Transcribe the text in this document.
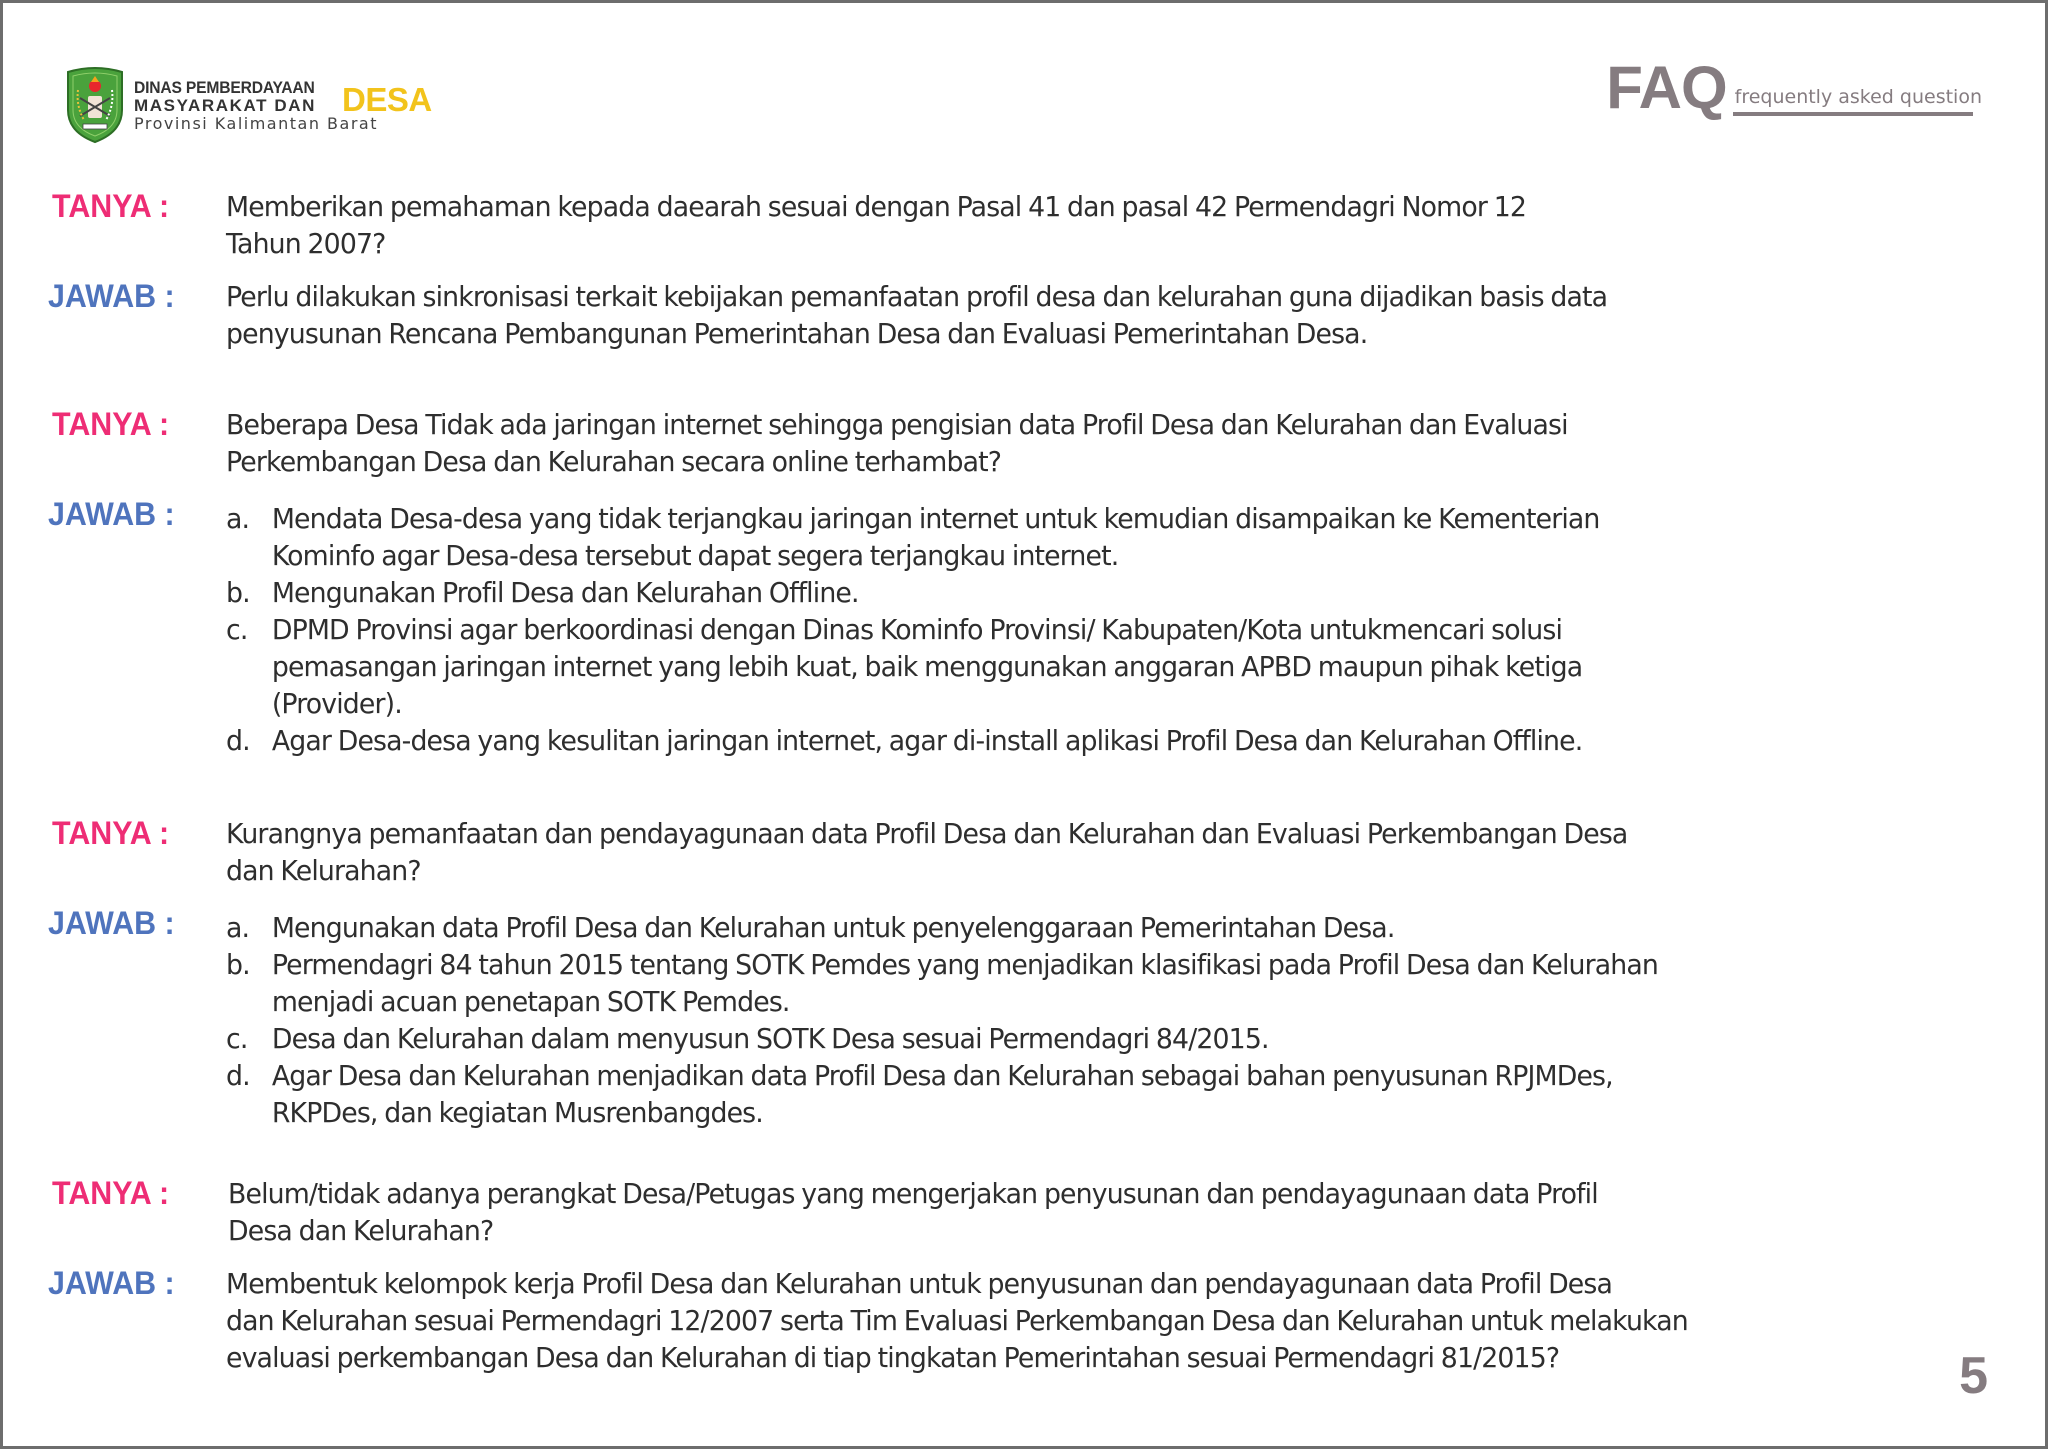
DINAS PEMBERDAYAAN
MASYARAKAT DAN DESA
Provinsi Kalimantan Barat
FAQ frequently asked question
TANYA :	Memberikan pemahaman kepada daearah sesuai dengan Pasal 41 dan pasal 42 Permendagri Nomor 12
Tahun 2007?
JAWAB :	Perlu dilakukan sinkronisasi terkait kebijakan pemanfaatan profil desa dan kelurahan guna dijadikan basis data
penyusunan Rencana Pembangunan Pemerintahan Desa dan Evaluasi Pemerintahan Desa.
TANYA :	Beberapa Desa Tidak ada jaringan internet sehingga pengisian data Profil Desa dan Kelurahan dan Evaluasi
Perkembangan Desa dan Kelurahan secara online terhambat?
JAWAB :	a. Mendata Desa-desa yang tidak terjangkau jaringan internet untuk kemudian disampaikan ke Kementerian
Kominfo agar Desa-desa tersebut dapat segera terjangkau internet.
b. Mengunakan Profil Desa dan Kelurahan Offline.
c. DPMD Provinsi agar berkoordinasi dengan Dinas Kominfo Provinsi/ Kabupaten/Kota untukmencari solusi
pemasangan jaringan internet yang lebih kuat, baik menggunakan anggaran APBD maupun pihak ketiga
(Provider).
d. Agar Desa-desa yang kesulitan jaringan internet, agar di-install aplikasi Profil Desa dan Kelurahan Offline.
TANYA :	Kurangnya pemanfaatan dan pendayagunaan data Profil Desa dan Kelurahan dan Evaluasi Perkembangan Desa
dan Kelurahan?
JAWAB :	a. Mengunakan data Profil Desa dan Kelurahan untuk penyelenggaraan Pemerintahan Desa.
b. Permendagri 84 tahun 2015 tentang SOTK Pemdes yang menjadikan klasifikasi pada Profil Desa dan Kelurahan
menjadi acuan penetapan SOTK Pemdes.
c. Desa dan Kelurahan dalam menyusun SOTK Desa sesuai Permendagri 84/2015.
d. Agar Desa dan Kelurahan menjadikan data Profil Desa dan Kelurahan sebagai bahan penyusunan RPJMDes,
RKPDes, dan kegiatan Musrenbangdes.
TANYA :	Belum/tidak adanya perangkat Desa/Petugas yang mengerjakan penyusunan dan pendayagunaan data Profil
Desa dan Kelurahan?
JAWAB :	Membentuk kelompok kerja Profil Desa dan Kelurahan untuk penyusunan dan pendayagunaan data Profil Desa
dan Kelurahan sesuai Permendagri 12/2007 serta Tim Evaluasi Perkembangan Desa dan Kelurahan untuk melakukan
evaluasi perkembangan Desa dan Kelurahan di tiap tingkatan Pemerintahan sesuai Permendagri 81/2015?	5
